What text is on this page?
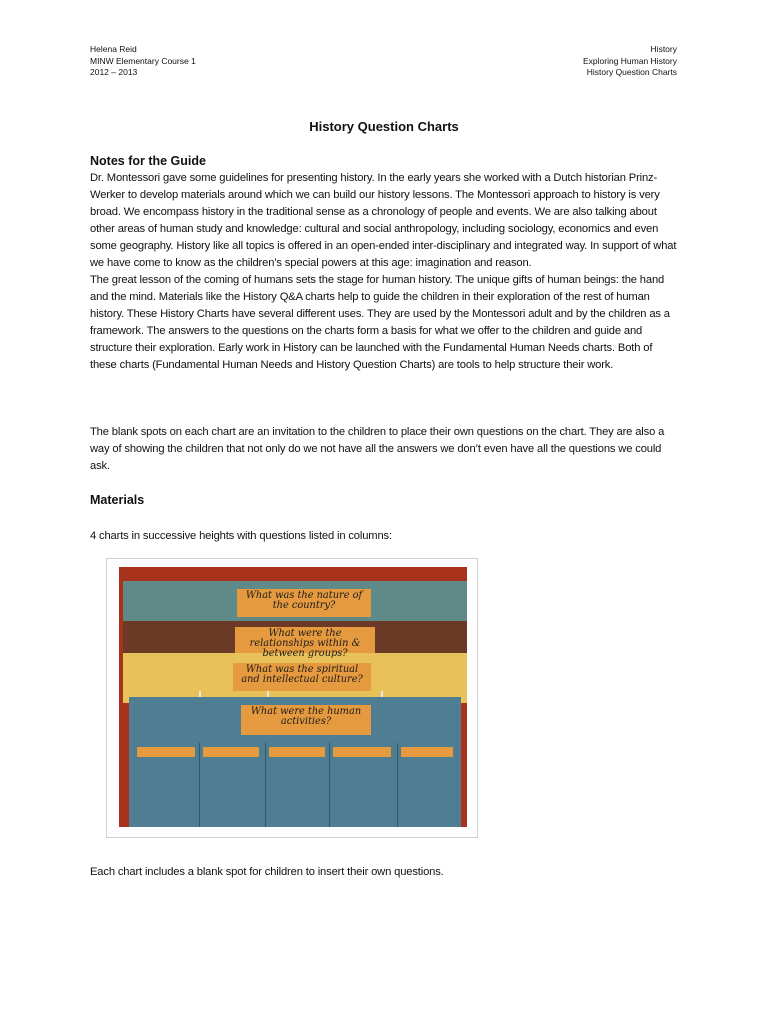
Helena Reid
MINW Elementary Course 1
2012 – 2013
History
Exploring Human History
History Question Charts
History Question Charts
Notes for the Guide

Dr. Montessori gave some guidelines for presenting history. In the early years she worked with a Dutch historian Prinz-Werker to develop materials around which we can build our history lessons. The Montessori approach to history is very broad. We encompass history in the traditional sense as a chronology of people and events. We are also talking about other areas of human study and knowledge: cultural and social anthropology, including sociology, economics and even some geography. History like all topics is offered in an open-ended inter-disciplinary and integrated way. In support of what we have come to know as the children’s special powers at this age: imagination and reason.

The great lesson of the coming of humans sets the stage for human history. The unique gifts of human beings: the hand and the mind. Materials like the History Q&A charts help to guide the children in their exploration of the rest of human history. These History Charts have several different uses. They are used by the Montessori adult and by the children as a framework. The answers to the questions on the charts form a basis for what we offer to the children and guide and structure their exploration. Early work in History can be launched with the Fundamental Human Needs charts. Both of these charts (Fundamental Human Needs and History Question Charts) are tools to help structure their work.

The blank spots on each chart are an invitation to the children to place their own questions on the chart. They are also a way of showing the children that not only do we not have all the answers we don’t even have all the questions we could ask.

Materials
4 charts in successive heights with questions listed in columns:
What was the nature of the country?
What were the relationships within & between groups?
What was the spiritual and intellectual culture?
What were the human activities?
Each chart includes a blank spot for children to insert their own questions.
